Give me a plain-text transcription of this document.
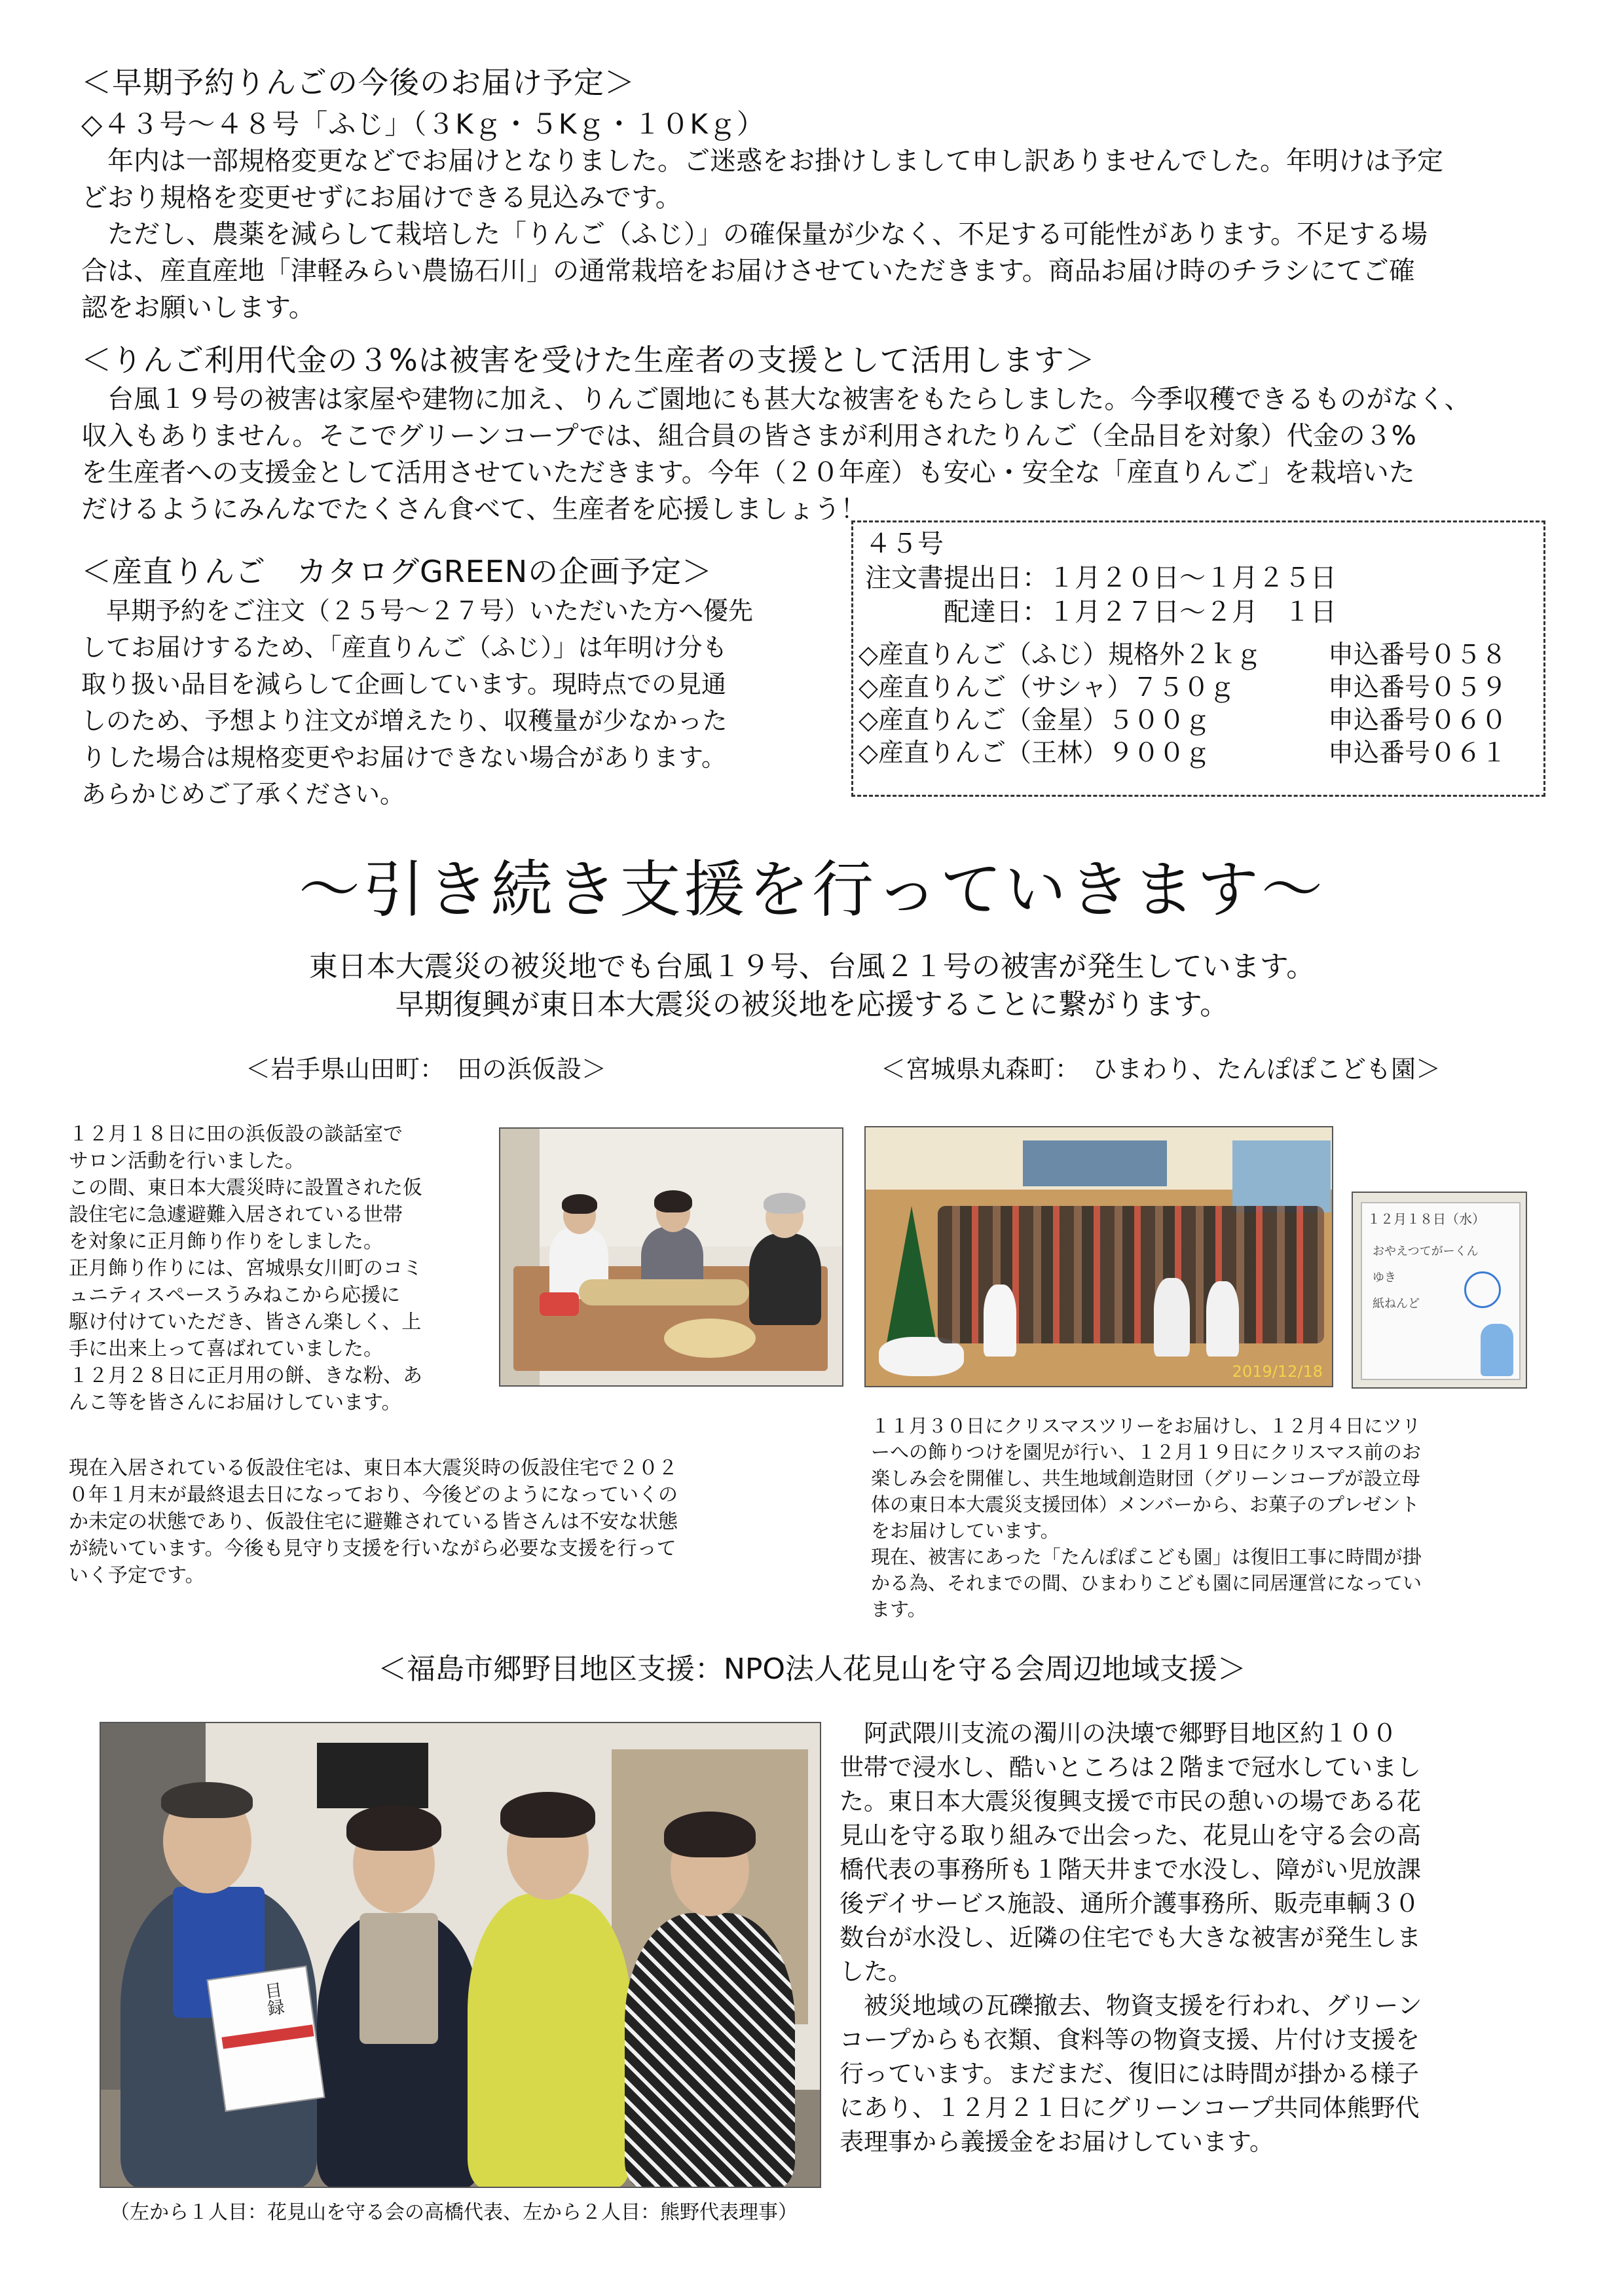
＜早期予約りんごの今後のお届け予定＞
◇４３号～４８号「ふじ」（３Kｇ・５Kｇ・１０Kｇ）
　年内は一部規格変更などでお届けとなりました。ご迷惑をお掛けしまして申し訳ありませんでした。年明けは予定
どおり規格を変更せずにお届けできる見込みです。
　ただし、農薬を減らして栽培した「りんご（ふじ）」の確保量が少なく、不足する可能性があります。不足する場
合は、産直産地「津軽みらい農協石川」の通常栽培をお届けさせていただきます。商品お届け時のチラシにてご確
認をお願いします。
＜りんご利用代金の３%は被害を受けた生産者の支援として活用します＞
　台風１９号の被害は家屋や建物に加え、りんご園地にも甚大な被害をもたらしました。今季収穫できるものがなく、
収入もありません。そこでグリーンコープでは、組合員の皆さまが利用されたりんご（全品目を対象）代金の３%
を生産者への支援金として活用させていただきます。今年（２０年産）も安心・安全な「産直りんご」を栽培いた
だけるようにみんなでたくさん食べて、生産者を応援しましょう！
＜産直りんご　カタログGREENの企画予定＞
　早期予約をご注文（２５号～２７号）いただいた方へ優先
してお届けするため、「産直りんご（ふじ）」は年明け分も
取り扱い品目を減らして企画しています。現時点での見通
しのため、予想より注文が増えたり、収穫量が少なかった
りした場合は規格変更やお届けできない場合があります。
あらかじめご了承ください。
４５号
注文書提出日：１月２０日～１月２５日
配達日： １月２７日～２月　１日
◇産直りんご（ふじ）規格外２ｋｇ
◇産直りんご（サシャ）７５０ｇ
◇産直りんご（金星）５００ｇ
◇産直りんご（王林）９００ｇ
申込番号０５８
申込番号０５９
申込番号０６０
申込番号０６１
～引き続き支援を行っていきます～
東日本大震災の被災地でも台風１９号、台風２１号の被害が発生しています。
早期復興が東日本大震災の被災地を応援することに繋がります。
＜岩手県山田町：　田の浜仮設＞
１２月１８日に田の浜仮設の談話室で
サロン活動を行いました。
この間、東日本大震災時に設置された仮
設住宅に急遽避難入居されている世帯
を対象に正月飾り作りをしました。
正月飾り作りには、宮城県女川町のコミ
ュニティスペースうみねこから応援に
駆け付けていただき、皆さん楽しく、上
手に出来上って喜ばれていました。
１２月２８日に正月用の餅、きな粉、あ
んこ等を皆さんにお届けしています。
現在入居されている仮設住宅は、東日本大震災時の仮設住宅で２０２
０年１月末が最終退去日になっており、今後どのようになっていくの
か未定の状態であり、仮設住宅に避難されている皆さんは不安な状態
が続いています。今後も見守り支援を行いながら必要な支援を行って
いく予定です。
＜宮城県丸森町：　ひまわり、たんぽぽこども園＞
2019/12/18
１２月１８日（水）
おやえつてがーくん
ゆき
紙ねんど
１１月３０日にクリスマスツリーをお届けし、１２月４日にツリ
ーへの飾りつけを園児が行い、１２月１９日にクリスマス前のお
楽しみ会を開催し、共生地域創造財団（グリーンコープが設立母
体の東日本大震災支援団体）メンバーから、お菓子のプレゼント
をお届けしています。
現在、被害にあった「たんぽぽこども園」は復旧工事に時間が掛
かる為、それまでの間、ひまわりこども園に同居運営になってい
ます。
＜福島市郷野目地区支援：NPO法人花見山を守る会周辺地域支援＞
目録
　阿武隈川支流の濁川の決壊で郷野目地区約１００
世帯で浸水し、酷いところは２階まで冠水していまし
た。東日本大震災復興支援で市民の憩いの場である花
見山を守る取り組みで出会った、花見山を守る会の高
橋代表の事務所も１階天井まで水没し、障がい児放課
後デイサービス施設、通所介護事務所、販売車輌３０
数台が水没し、近隣の住宅でも大きな被害が発生しま
した。
　被災地域の瓦礫撤去、物資支援を行われ、グリーン
コープからも衣類、食料等の物資支援、片付け支援を
行っています。まだまだ、復旧には時間が掛かる様子
にあり、１２月２１日にグリーンコープ共同体熊野代
表理事から義援金をお届けしています。
（左から１人目：花見山を守る会の高橋代表、左から２人目：熊野代表理事）
